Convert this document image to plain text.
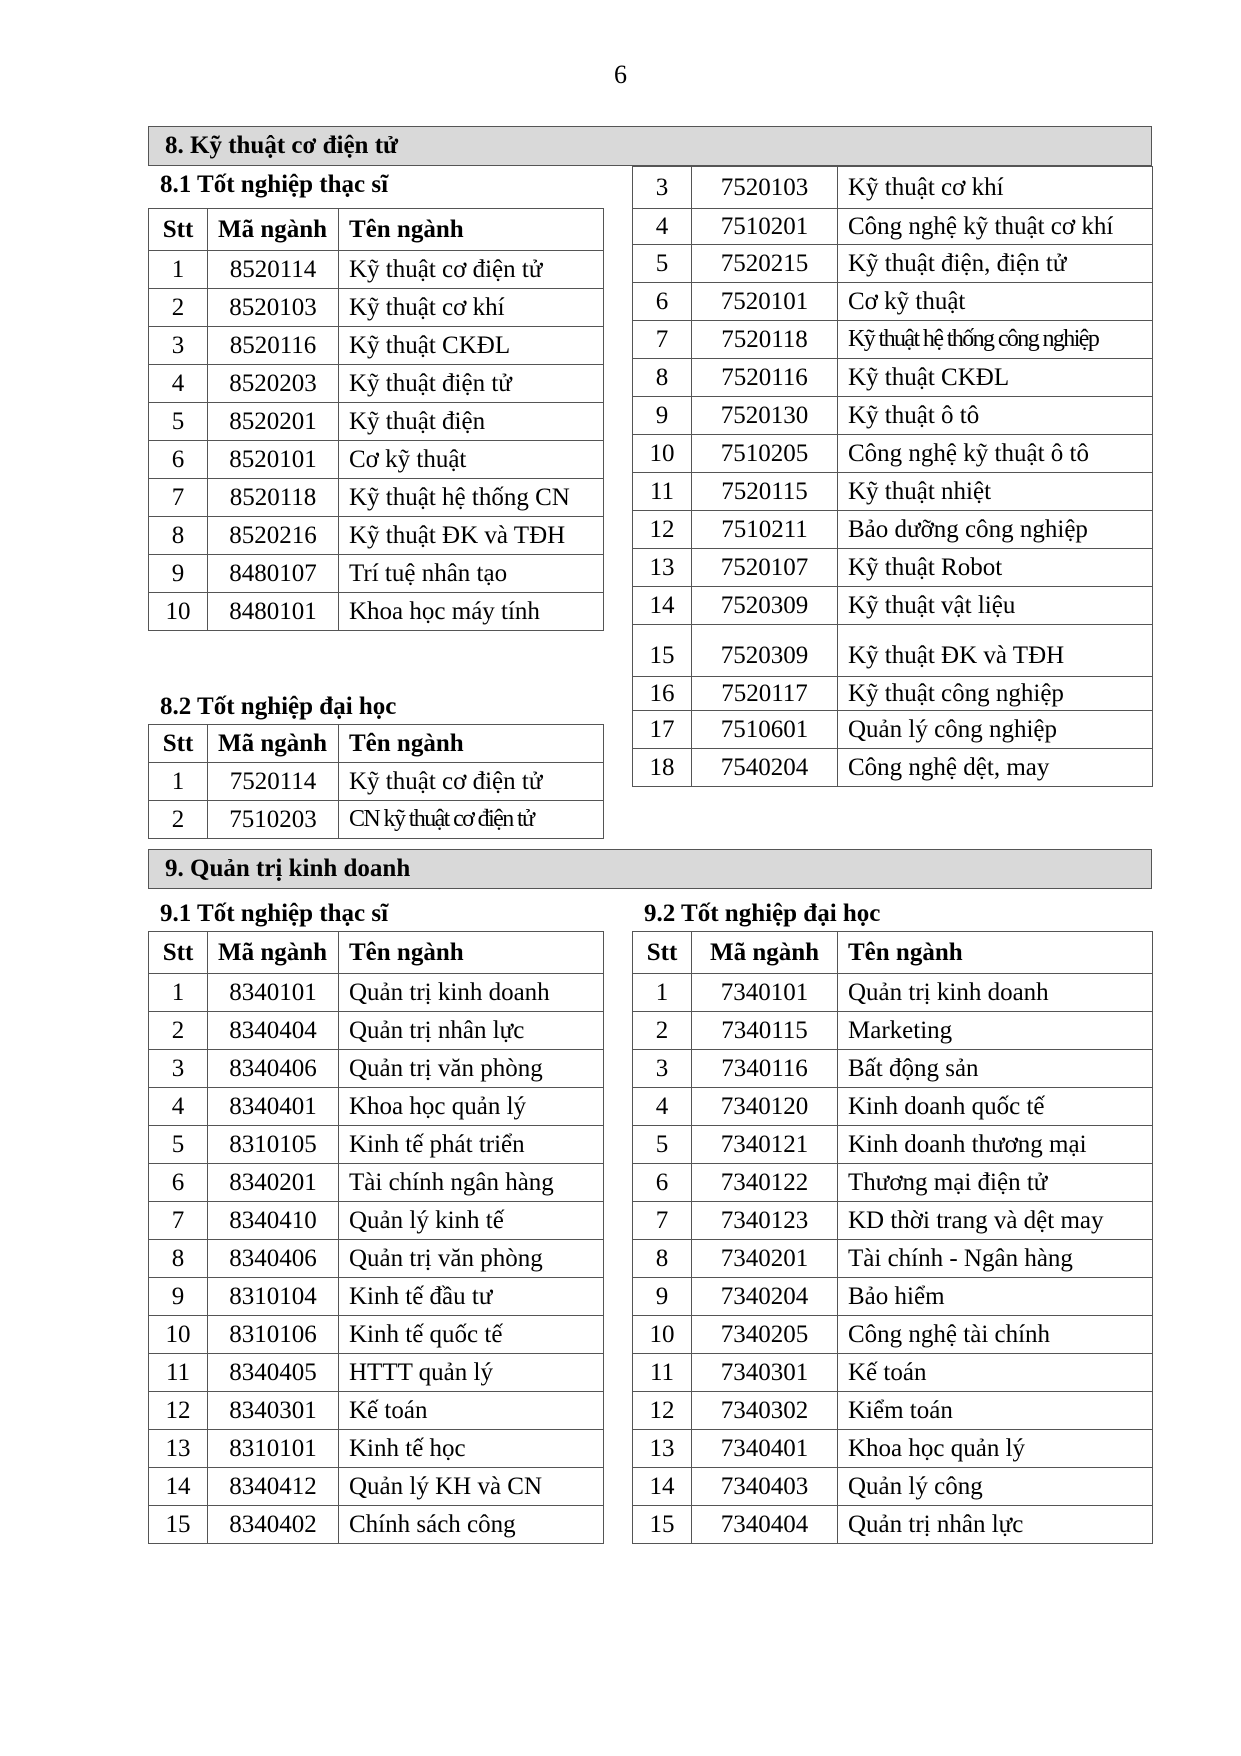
6
8. Kỹ thuật cơ điện tử
8.1 Tốt nghiệp thạc sĩ
Stt	Mã ngành	Tên ngành
1	8520114	Kỹ thuật cơ điện tử
2	8520103	Kỹ thuật cơ khí
3	8520116	Kỹ thuật CKĐL
4	8520203	Kỹ thuật điện tử
5	8520201	Kỹ thuật điện
6	8520101	Cơ kỹ thuật
7	8520118	Kỹ thuật hệ thống CN
8	8520216	Kỹ thuật ĐK và TĐH
9	8480107	Trí tuệ nhân tạo
10	8480101	Khoa học máy tính
8.2 Tốt nghiệp đại học
Stt	Mã ngành	Tên ngành
1	7520114	Kỹ thuật cơ điện tử
2	7510203	CN kỹ thuật cơ điện tử
3	7520103	Kỹ thuật cơ khí
4	7510201	Công nghệ kỹ thuật cơ khí
5	7520215	Kỹ thuật điện, điện tử
6	7520101	Cơ kỹ thuật
7	7520118	Kỹ thuật hệ thống công nghiệp
8	7520116	Kỹ thuật CKĐL
9	7520130	Kỹ thuật ô tô
10	7510205	Công nghệ kỹ thuật ô tô
11	7520115	Kỹ thuật nhiệt
12	7510211	Bảo dưỡng công nghiệp
13	7520107	Kỹ thuật Robot
14	7520309	Kỹ thuật vật liệu
15	7520309	Kỹ thuật ĐK và TĐH
16	7520117	Kỹ thuật công nghiệp
17	7510601	Quản lý công nghiệp
18	7540204	Công nghệ dệt, may
9. Quản trị kinh doanh
9.1 Tốt nghiệp thạc sĩ	9.2 Tốt nghiệp đại học
Stt	Mã ngành	Tên ngành
1	8340101	Quản trị kinh doanh
2	8340404	Quản trị nhân lực
3	8340406	Quản trị văn phòng
4	8340401	Khoa học quản lý
5	8310105	Kinh tế phát triển
6	8340201	Tài chính ngân hàng
7	8340410	Quản lý kinh tế
8	8340406	Quản trị văn phòng
9	8310104	Kinh tế đầu tư
10	8310106	Kinh tế quốc tế
11	8340405	HTTT quản lý
12	8340301	Kế toán
13	8310101	Kinh tế học
14	8340412	Quản lý KH và CN
15	8340402	Chính sách công
Stt	Mã ngành	Tên ngành
1	7340101	Quản trị kinh doanh
2	7340115	Marketing
3	7340116	Bất động sản
4	7340120	Kinh doanh quốc tế
5	7340121	Kinh doanh thương mại
6	7340122	Thương mại điện tử
7	7340123	KD thời trang và dệt may
8	7340201	Tài chính - Ngân hàng
9	7340204	Bảo hiểm
10	7340205	Công nghệ tài chính
11	7340301	Kế toán
12	7340302	Kiểm toán
13	7340401	Khoa học quản lý
14	7340403	Quản lý công
15	7340404	Quản trị nhân lực
